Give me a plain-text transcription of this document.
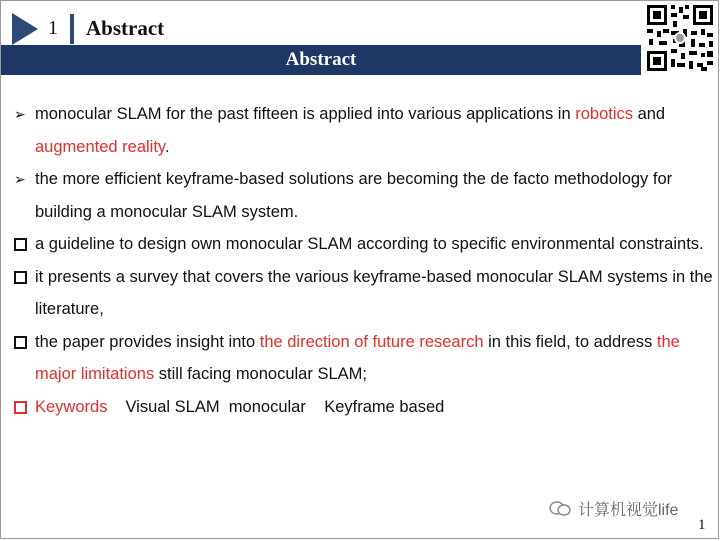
1 Abstract
Abstract
➢ monocular SLAM for the past fifteen is applied into various applications in robotics and augmented reality.
➢ the more efficient keyframe-based solutions are becoming the de facto methodology for building a monocular SLAM system.
a guideline to design own monocular SLAM according to specific environmental constraints.
it presents a survey that covers the various keyframe-based monocular SLAM systems in the literature,
the paper provides insight into the direction of future research in this field, to address the major limitations still facing monocular SLAM;
Keywords Visual SLAM monocular Keyframe based
计算机视觉life
1
